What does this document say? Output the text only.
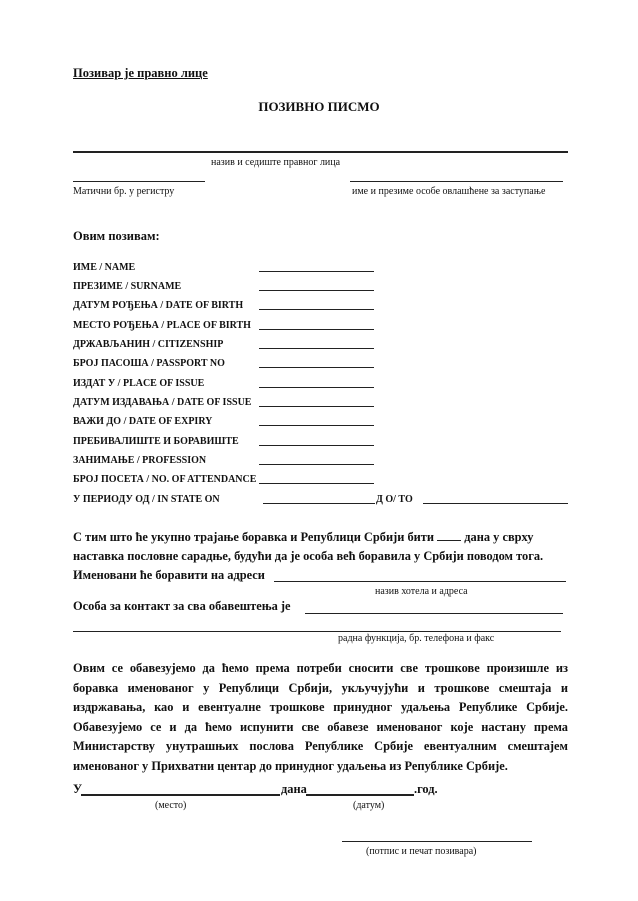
Позивар је правно лице
ПОЗИВНО ПИСМО
назив и седиште правног лица
Матични бр. у регистру	име и презиме особе овлашћене за заступање
Овим позивам:
ИМЕ / NAME
ПРЕЗИМЕ / SURNAME
ДАТУМ РОЂЕЊА / DATE OF BIRTH
МЕСТО РОЂЕЊА / PLACE OF BIRTH
ДРЖАВЉАНИН / CITIZENSHIP
БРОЈ ПАСОША / PASSPORT NO
ИЗДАТ У / PLACE OF ISSUE
ДАТУМ ИЗДАВАЊА / DATE OF ISSUE
ВАЖИ ДО / DATE OF EXPIRY
ПРЕБИВАЛИШТЕ И БОРАВИШТЕ
ЗАНИМАЊЕ / PROFESSION
БРОЈ ПОСЕТА / NO. OF ATTENDANCE
У ПЕРИОДУ ОД / IN STATE ON	Д О/ ТО
С тим што ће укупно трајање боравка и Републици Србији бити дана у сврху
наставка пословне сарадње, будући да је особа већ боравила у Србији поводом тога.
Именовани ће боравити на адреси
назив хотела и адреса
Особа за контакт за сва обавештења је
радна функција, бр. телефона и факс
Овим се обавезујемо да ћемо према потреби сносити све трошкове произишле из боравка именованог у Републици Србији, укључујући и трошкове смештаја и издржавања, као и евентуалне трошкове принудног удаљења Републике Србије. Обавезујемо се и да ћемо испунити све обавезе именованог које настану према Министарству унутрашњих послова Републике Србије евентуалним смештајем именованог у Прихватни центар до принудног удаљења из Републике Србије.
У	дана	.год.
(место)	(датум)
(потпис и печат позивара)
